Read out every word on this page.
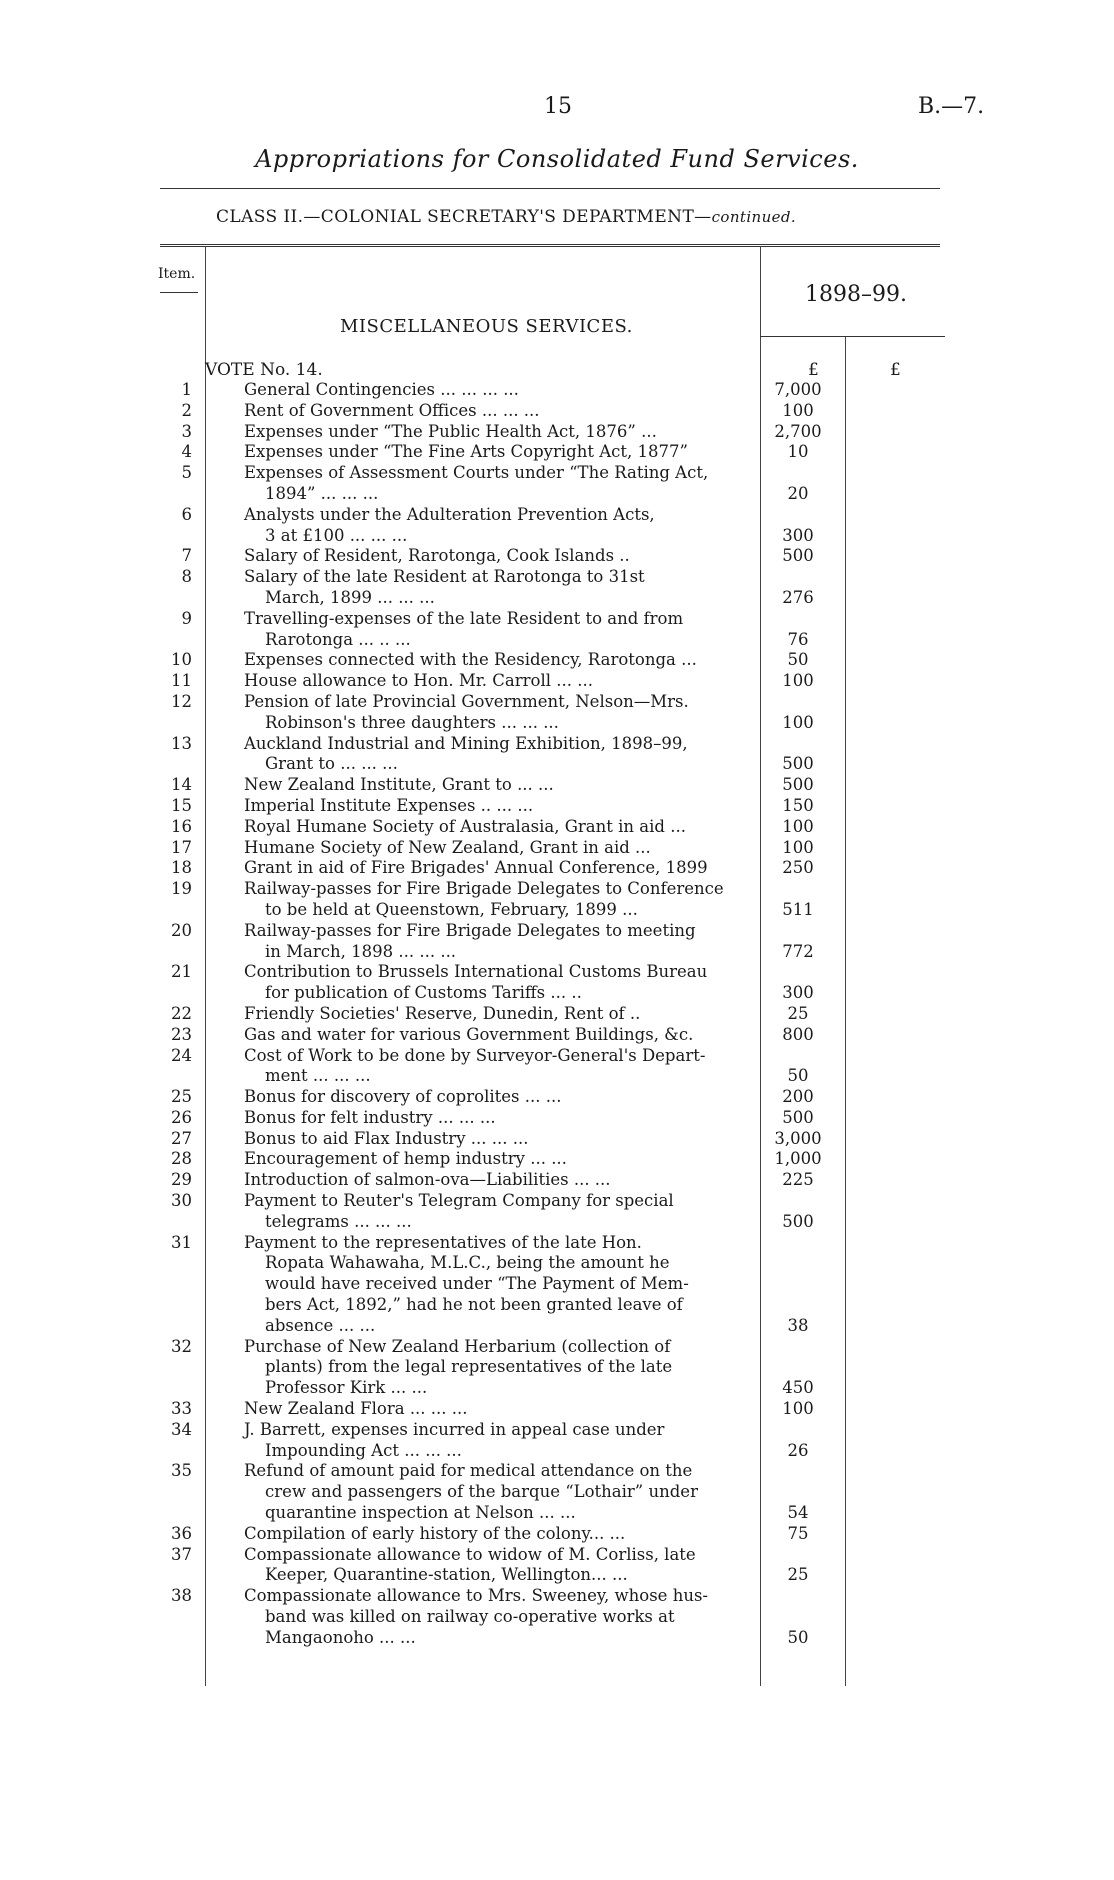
15	B.—7.
Appropriations for Consolidated Fund Services.
CLASS II.—COLONIAL SECRETARY'S DEPARTMENT—continued.
Item.
1898–99.
MISCELLANEOUS SERVICES.
VOTE No. 14.	£	£
1	General Contingencies ... ... ... ...	7,000
2	Rent of Government Offices ... ... ...	100
3	Expenses under “The Public Health Act, 1876” ...	2,700
4	Expenses under “The Fine Arts Copyright Act, 1877”	10
5	Expenses of Assessment Courts under “The Rating Act,
1894” ... ... ...	20
6	Analysts under the Adulteration Prevention Acts,
3 at £100 ... ... ...	300
7	Salary of Resident, Rarotonga, Cook Islands ..	500
8	Salary of the late Resident at Rarotonga to 31st
March, 1899 ... ... ...	276
9	Travelling-expenses of the late Resident to and from
Rarotonga ... .. ...	76
10	Expenses connected with the Residency, Rarotonga ...	50
11	House allowance to Hon. Mr. Carroll ... ...	100
12	Pension of late Provincial Government, Nelson—Mrs.
Robinson's three daughters ... ... ...	100
13	Auckland Industrial and Mining Exhibition, 1898–99,
Grant to ... ... ...	500
14	New Zealand Institute, Grant to ... ...	500
15	Imperial Institute Expenses .. ... ...	150
16	Royal Humane Society of Australasia, Grant in aid ...	100
17	Humane Society of New Zealand, Grant in aid ...	100
18	Grant in aid of Fire Brigades' Annual Conference, 1899	250
19	Railway-passes for Fire Brigade Delegates to Conference
to be held at Queenstown, February, 1899 ...	511
20	Railway-passes for Fire Brigade Delegates to meeting
in March, 1898 ... ... ...	772
21	Contribution to Brussels International Customs Bureau
for publication of Customs Tariffs ... ..	300
22	Friendly Societies' Reserve, Dunedin, Rent of ..	25
23	Gas and water for various Government Buildings, &c.	800
24	Cost of Work to be done by Surveyor-General's Depart-
ment ... ... ...	50
25	Bonus for discovery of coprolites ... ...	200
26	Bonus for felt industry ... ... ...	500
27	Bonus to aid Flax Industry ... ... ...	3,000
28	Encouragement of hemp industry ... ...	1,000
29	Introduction of salmon-ova—Liabilities ... ...	225
30	Payment to Reuter's Telegram Company for special
telegrams ... ... ...	500
31	Payment to the representatives of the late Hon.
Ropata Wahawaha, M.L.C., being the amount he
would have received under “The Payment of Mem-
bers Act, 1892,” had he not been granted leave of
absence ... ...	38
32	Purchase of New Zealand Herbarium (collection of
plants) from the legal representatives of the late
Professor Kirk ... ...	450
33	New Zealand Flora ... ... ...	100
34	J. Barrett, expenses incurred in appeal case under
Impounding Act ... ... ...	26
35	Refund of amount paid for medical attendance on the
crew and passengers of the barque “Lothair” under
quarantine inspection at Nelson ... ...	54
36	Compilation of early history of the colony... ...	75
37	Compassionate allowance to widow of M. Corliss, late
Keeper, Quarantine-station, Wellington... ...	25
38	Compassionate allowance to Mrs. Sweeney, whose hus-
band was killed on railway co-operative works at
Mangaonoho ... ...	50
